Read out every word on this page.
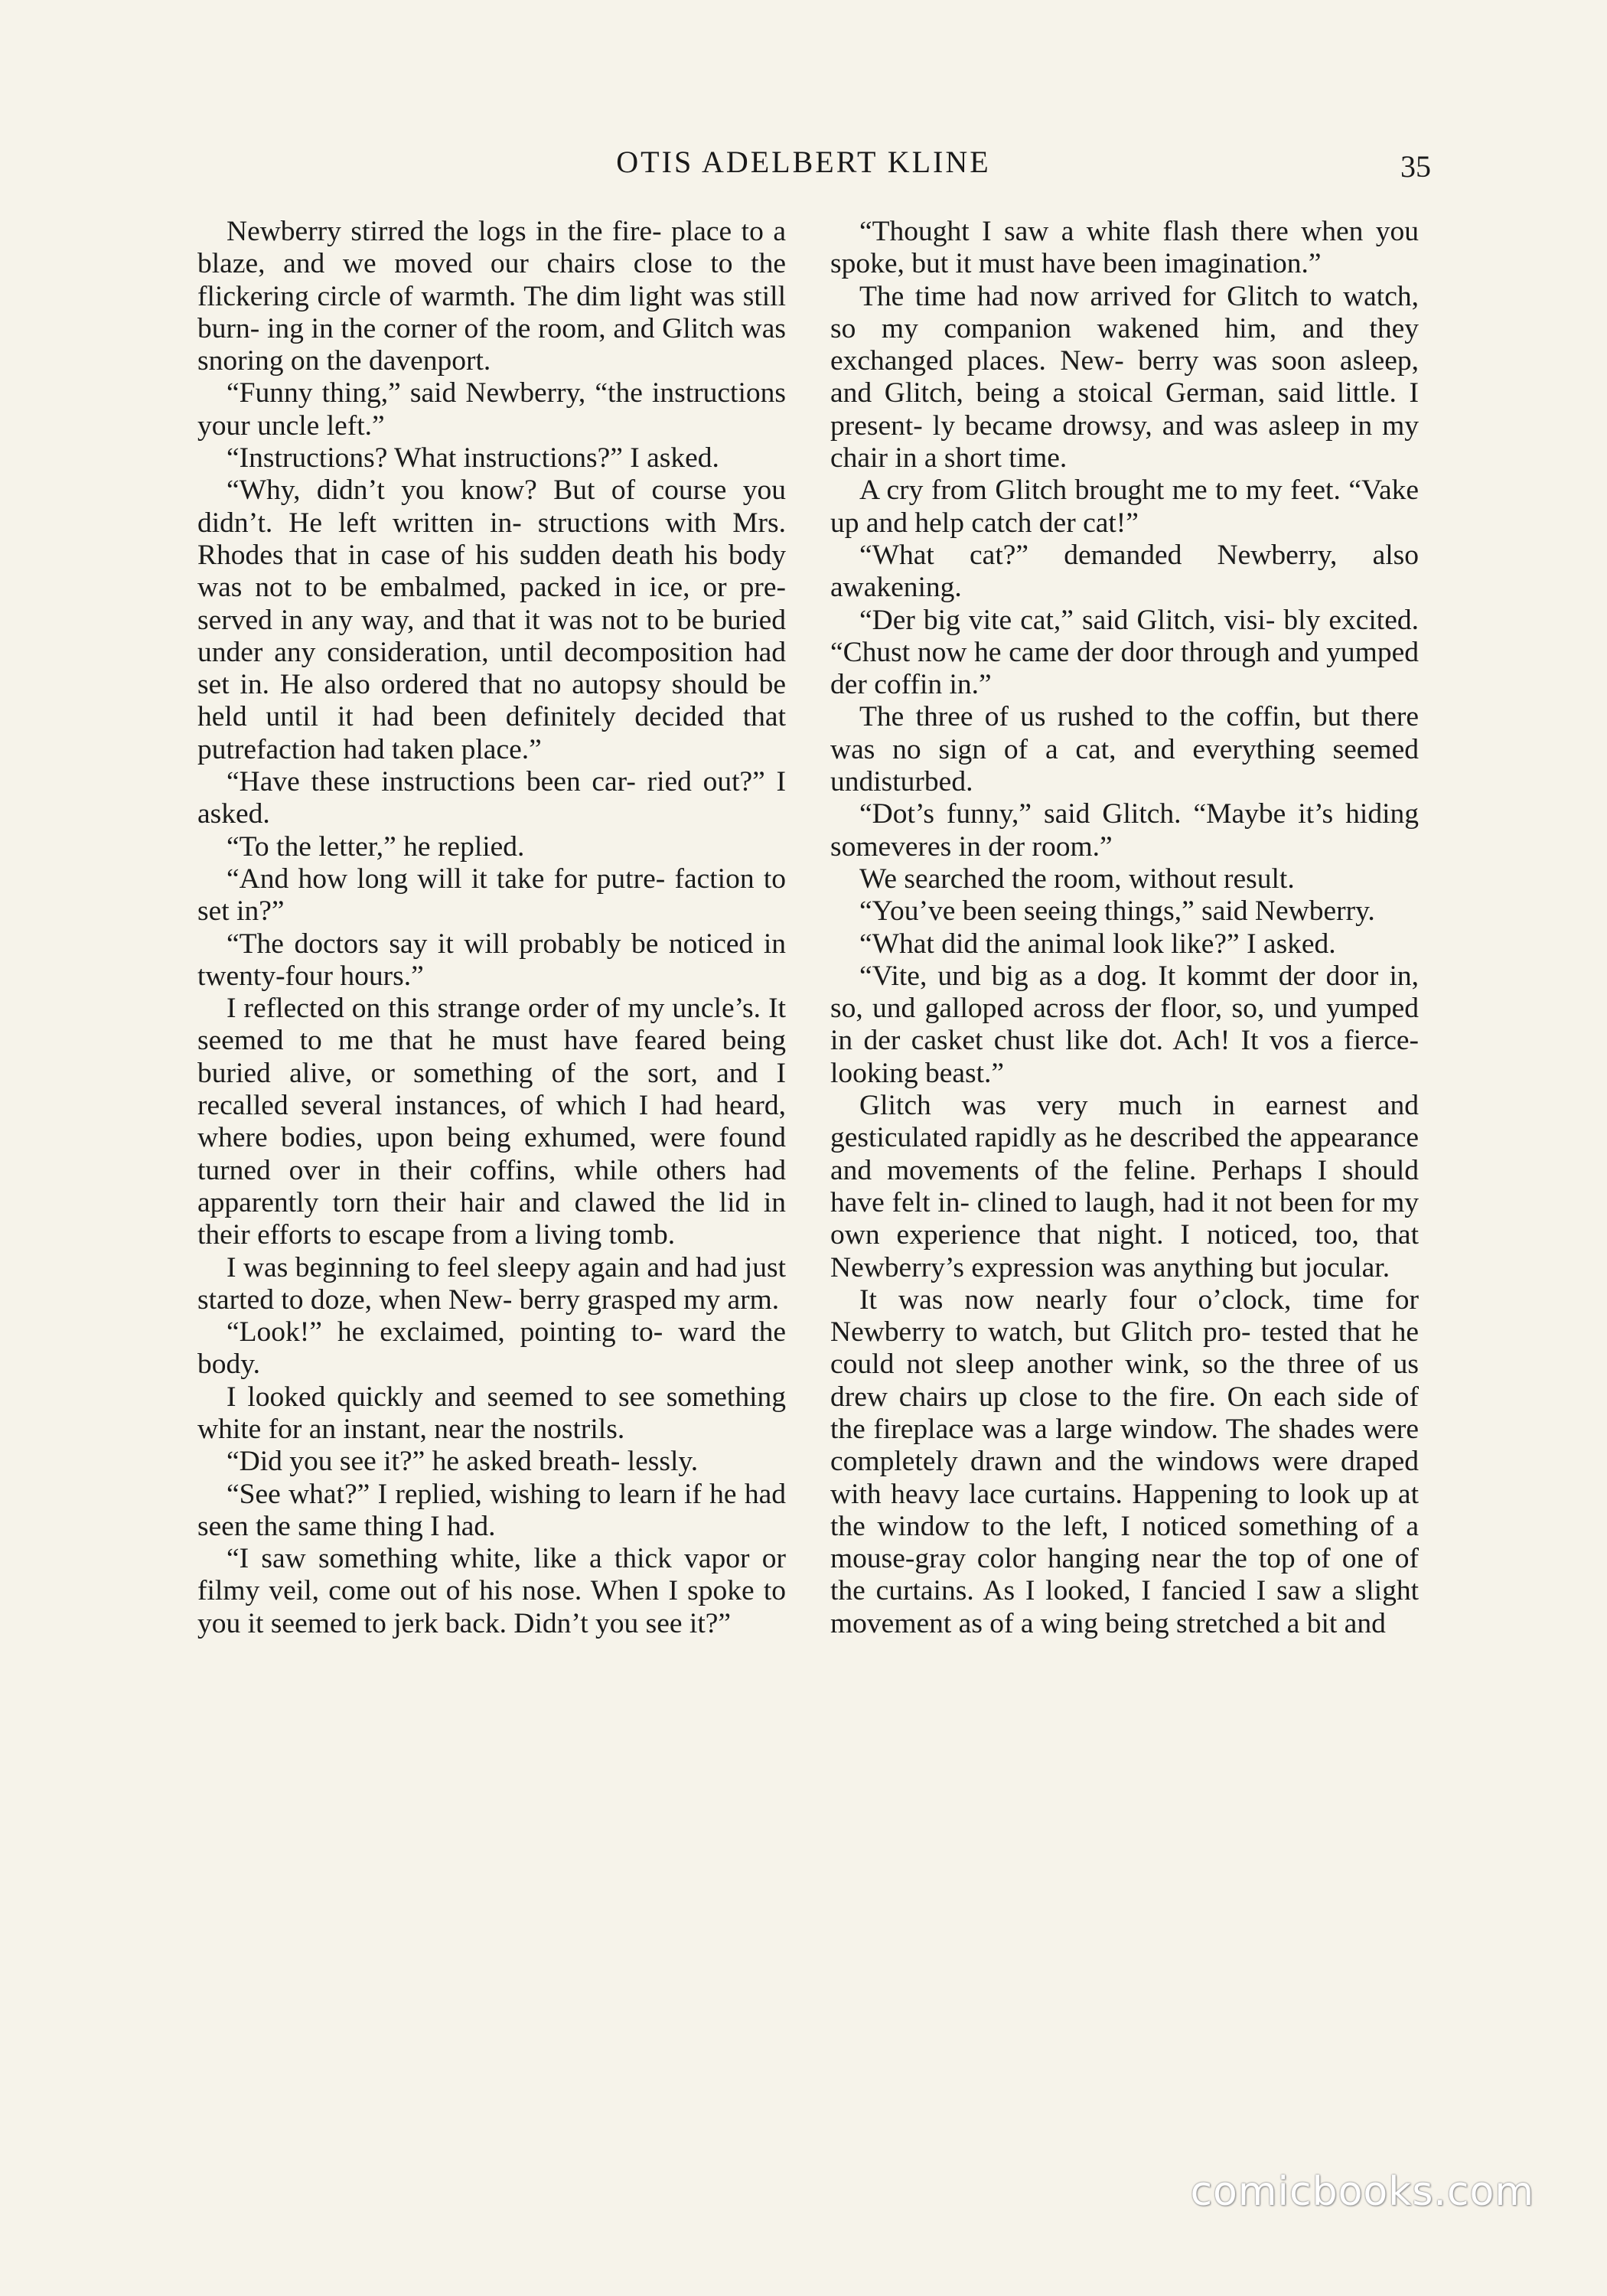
OTIS ADELBERT KLINE	35

Newberry stirred the logs in the fire- place to a blaze, and we moved our chairs close to the flickering circle of warmth. The dim light was still burn- ing in the corner of the room, and Glitch was snoring on the davenport.

“Funny thing,” said Newberry, “the instructions your uncle left.”

“Instructions? What instructions?” I asked.

“Why, didn’t you know? But of course you didn’t. He left written in- structions with Mrs. Rhodes that in case of his sudden death his body was not to be embalmed, packed in ice, or pre- served in any way, and that it was not to be buried under any consideration, until decomposition had set in. He also ordered that no autopsy should be held until it had been definitely decided that putrefaction had taken place.”

“Have these instructions been car- ried out?” I asked.

“To the letter,” he replied.

“And how long will it take for putre- faction to set in?”

“The doctors say it will probably be noticed in twenty-four hours.”

I reflected on this strange order of my uncle’s. It seemed to me that he must have feared being buried alive, or something of the sort, and I recalled several instances, of which I had heard, where bodies, upon being exhumed, were found turned over in their coffins, while others had apparently torn their hair and clawed the lid in their efforts to escape from a living tomb.

I was beginning to feel sleepy again and had just started to doze, when New- berry grasped my arm.

“Look!” he exclaimed, pointing to- ward the body.

I looked quickly and seemed to see something white for an instant, near the nostrils.

“Did you see it?” he asked breath- lessly.

“See what?” I replied, wishing to learn if he had seen the same thing I had.

“I saw something white, like a thick vapor or filmy veil, come out of his nose. When I spoke to you it seemed to jerk back. Didn’t you see it?”

“Thought I saw a white flash there when you spoke, but it must have been imagination.”

The time had now arrived for Glitch to watch, so my companion wakened him, and they exchanged places. New- berry was soon asleep, and Glitch, being a stoical German, said little. I present- ly became drowsy, and was asleep in my chair in a short time.

A cry from Glitch brought me to my feet. “Vake up and help catch der cat!”

“What cat?” demanded Newberry, also awakening.

“Der big vite cat,” said Glitch, visi- bly excited. “Chust now he came der door through and yumped der coffin in.”

The three of us rushed to the coffin, but there was no sign of a cat, and everything seemed undisturbed.

“Dot’s funny,” said Glitch. “Maybe it’s hiding someveres in der room.”

We searched the room, without result.

“You’ve been seeing things,” said Newberry.

“What did the animal look like?” I asked.

“Vite, und big as a dog. It kommt der door in, so, und galloped across der floor, so, und yumped in der casket chust like dot. Ach! It vos a fierce- looking beast.”

Glitch was very much in earnest and gesticulated rapidly as he described the appearance and movements of the feline. Perhaps I should have felt in- clined to laugh, had it not been for my own experience that night. I noticed, too, that Newberry’s expression was anything but jocular.

It was now nearly four o’clock, time for Newberry to watch, but Glitch pro- tested that he could not sleep another wink, so the three of us drew chairs up close to the fire. On each side of the fireplace was a large window. The shades were completely drawn and the windows were draped with heavy lace curtains. Happening to look up at the window to the left, I noticed something of a mouse-gray color hanging near the top of one of the curtains. As I looked, I fancied I saw a slight movement as of a wing being stretched a bit and

comicbooks.com
